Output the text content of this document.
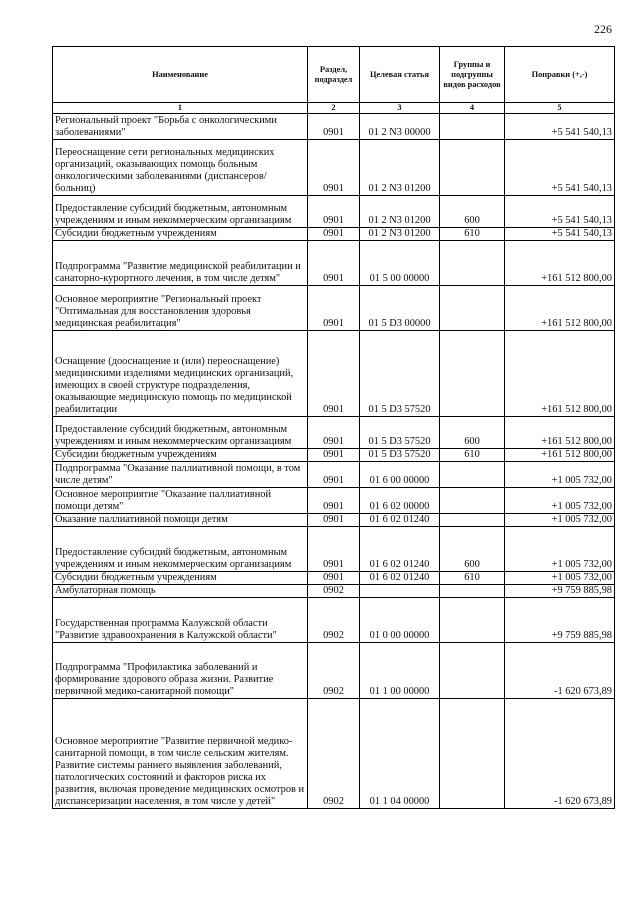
226
Наименование	Раздел, подраздел	Целевая статья	Группы и подгруппы видов расходов	Поправки (+,-)
1	2	3	4	5
Региональный проект "Борьба с онкологическими заболеваниями"	0901	01 2 N3 00000		+5 541 540,13
Переоснащение сети региональных медицинских организаций, оказывающих помощь больным онкологическими заболеваниями (диспансеров/больниц)	0901	01 2 N3 01200		+5 541 540,13
Предоставление субсидий бюджетным, автономным учреждениям и иным некоммерческим организациям	0901	01 2 N3 01200	600	+5 541 540,13
Субсидии бюджетным учреждениям	0901	01 2 N3 01200	610	+5 541 540,13
Подпрограмма "Развитие медицинской реабилитации и санаторно-курортного лечения, в том числе детям"	0901	01 5 00 00000		+161 512 800,00
Основное мероприятие "Региональный проект "Оптимальная для восстановления здоровья медицинская реабилитация"	0901	01 5 D3 00000		+161 512 800,00
Оснащение (дооснащение и (или) переоснащение) медицинскими изделиями медицинских организаций, имеющих в своей структуре подразделения, оказывающие медицинскую помощь по медицинской реабилитации	0901	01 5 D3 57520		+161 512 800,00
Предоставление субсидий бюджетным, автономным учреждениям и иным некоммерческим организациям	0901	01 5 D3 57520	600	+161 512 800,00
Субсидии бюджетным учреждениям	0901	01 5 D3 57520	610	+161 512 800,00
Подпрограмма "Оказание паллиативной помощи, в том числе детям"	0901	01 6 00 00000		+1 005 732,00
Основное мероприятие "Оказание паллиативной помощи детям"	0901	01 6 02 00000		+1 005 732,00
Оказание паллиативной помощи детям	0901	01 6 02 01240		+1 005 732,00
Предоставление субсидий бюджетным, автономным учреждениям и иным некоммерческим организациям	0901	01 6 02 01240	600	+1 005 732,00
Субсидии бюджетным учреждениям	0901	01 6 02 01240	610	+1 005 732,00
Амбулаторная помощь	0902			+9 759 885,98
Государственная программа Калужской области "Развитие здравоохранения в Калужской области"	0902	01 0 00 00000		+9 759 885,98
Подпрограмма "Профилактика заболеваний и формирование здорового образа жизни. Развитие первичной медико-санитарной помощи"	0902	01 1 00 00000		-1 620 673,89
Основное мероприятие "Развитие первичной медико-санитарной помощи, в том числе сельским жителям. Развитие системы раннего выявления заболеваний, патологических состояний и факторов риска их развития, включая проведение медицинских осмотров и диспансеризации населения, в том числе у детей"	0902	01 1 04 00000		-1 620 673,89
